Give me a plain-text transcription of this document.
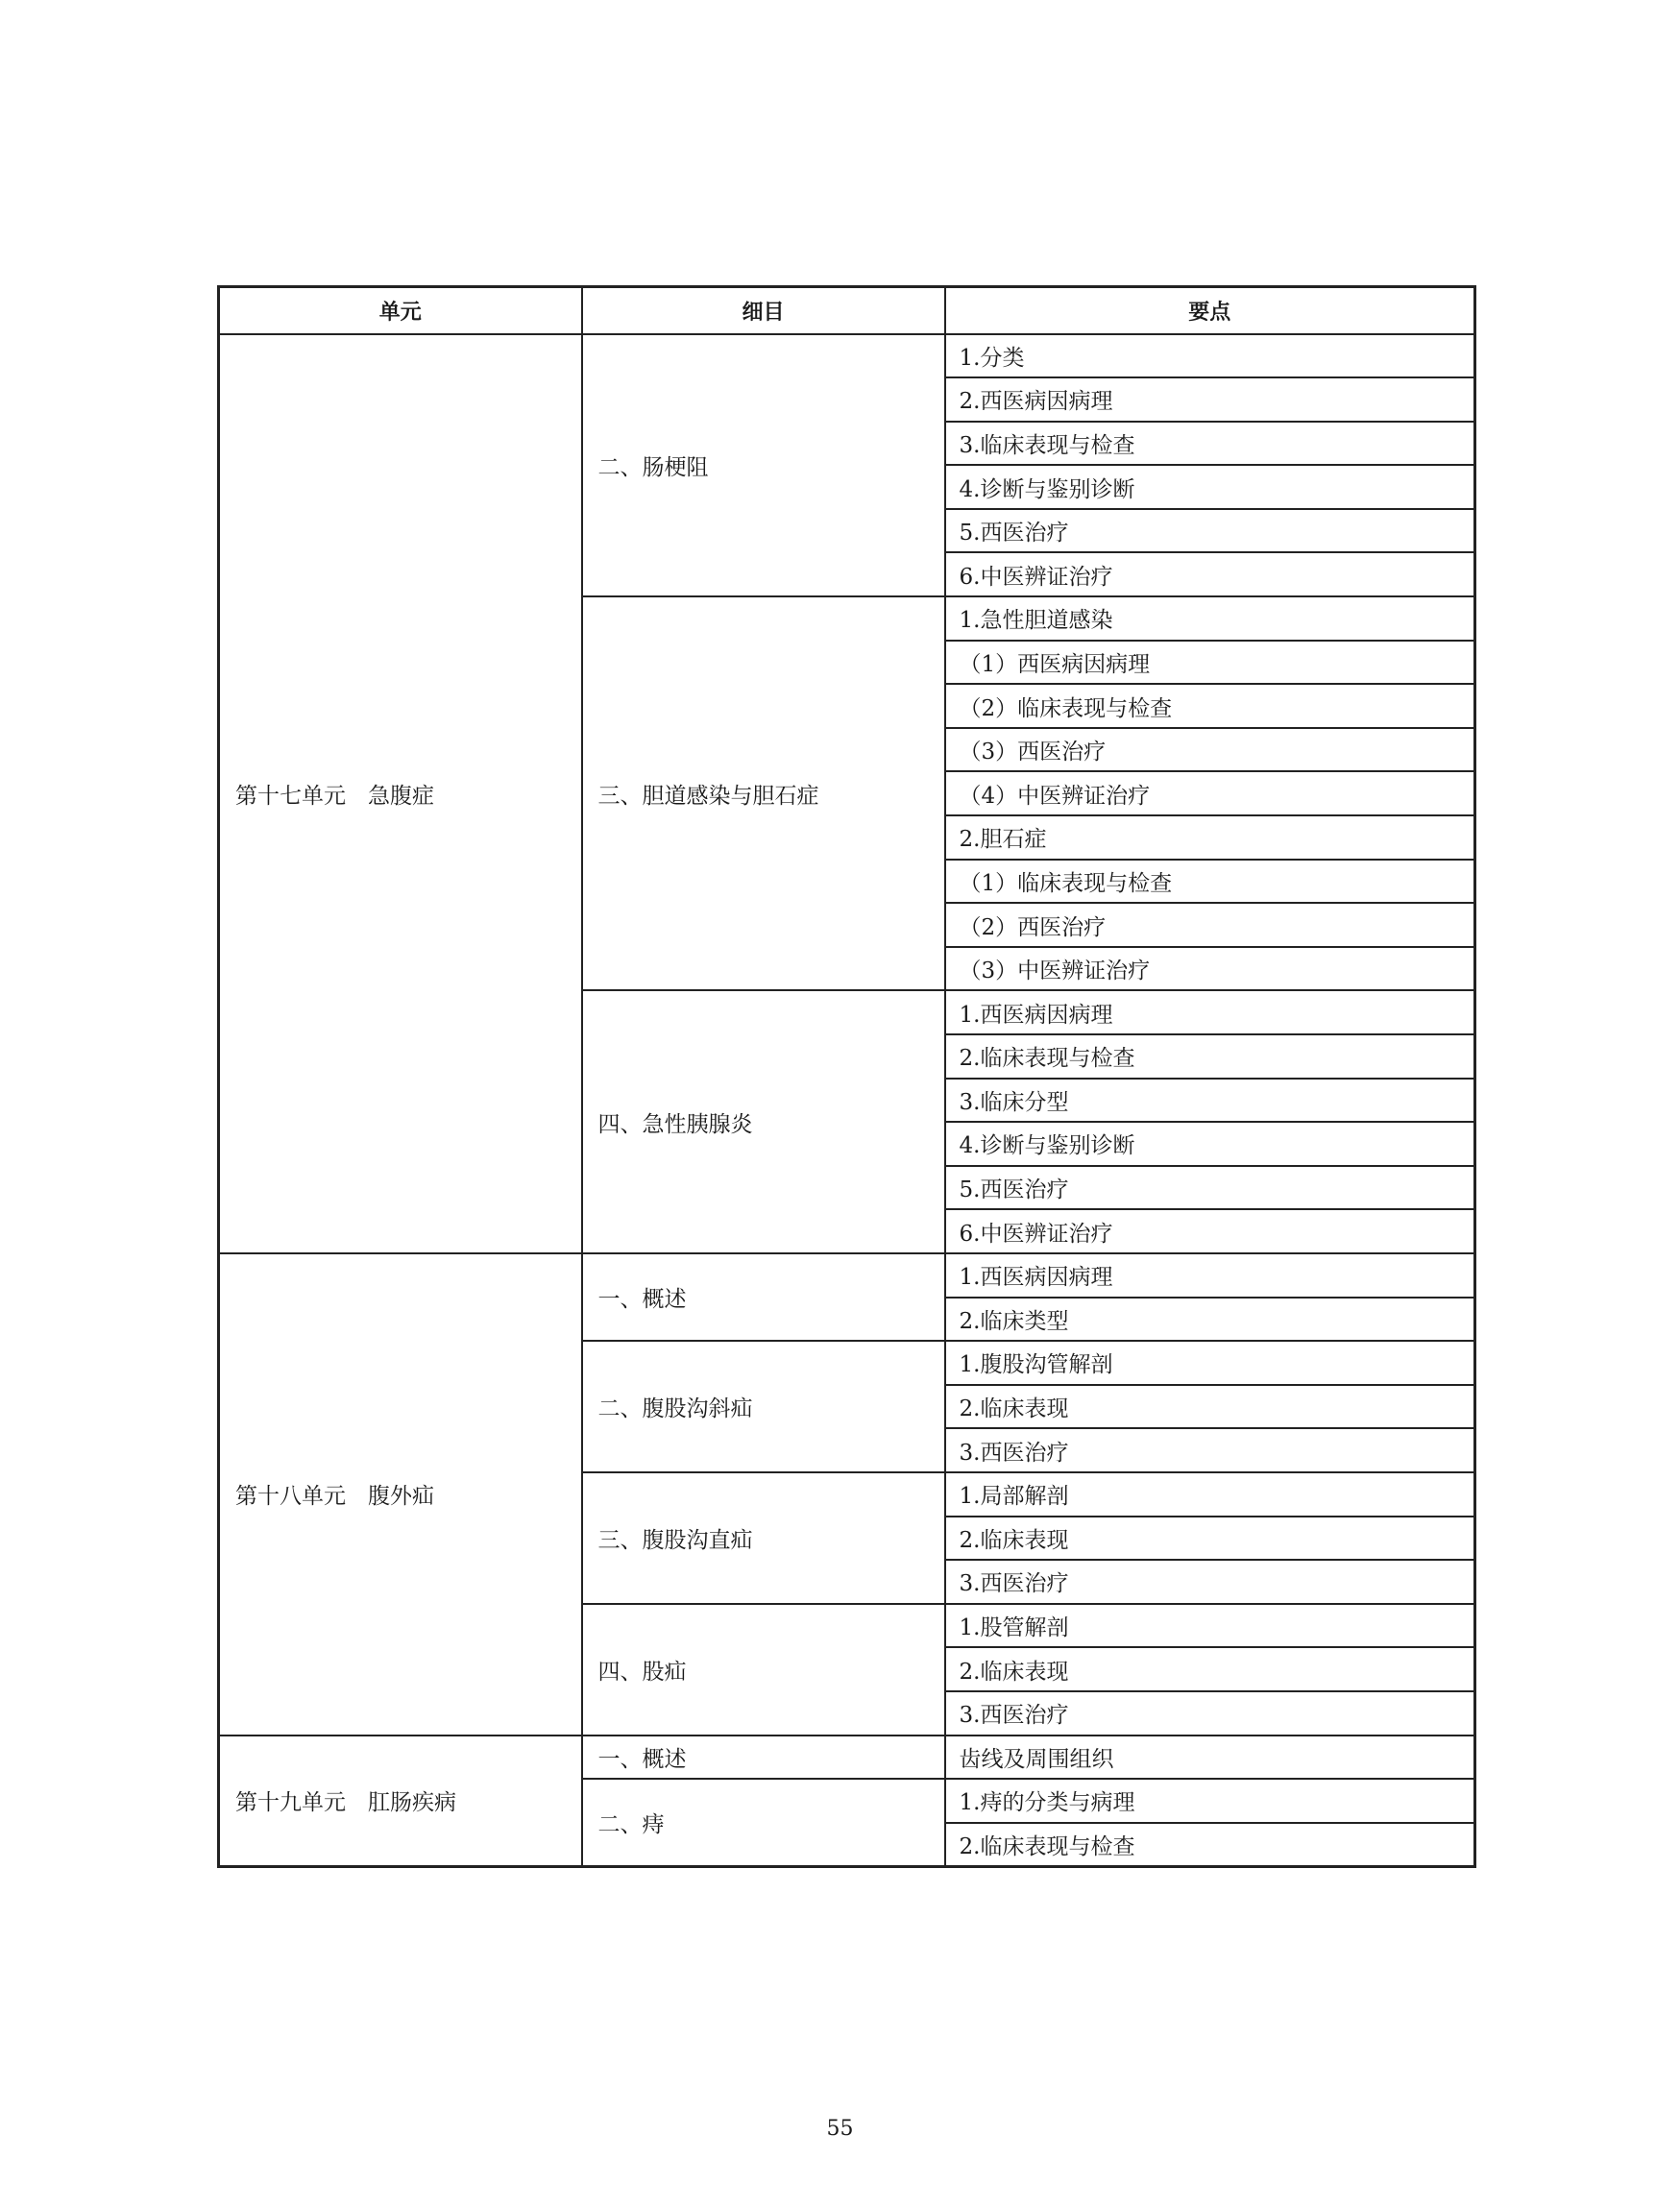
单元	细目	要点
第十七单元　急腹症	二、肠梗阻	1.分类
		2.西医病因病理
		3.临床表现与检查
		4.诊断与鉴别诊断
		5.西医治疗
		6.中医辨证治疗
	三、胆道感染与胆石症	1.急性胆道感染
		（1）西医病因病理
		（2）临床表现与检查
		（3）西医治疗
		（4）中医辨证治疗
		2.胆石症
		（1）临床表现与检查
		（2）西医治疗
		（3）中医辨证治疗
	四、急性胰腺炎	1.西医病因病理
		2.临床表现与检查
		3.临床分型
		4.诊断与鉴别诊断
		5.西医治疗
		6.中医辨证治疗
第十八单元　腹外疝	一、概述	1.西医病因病理
		2.临床类型
	二、腹股沟斜疝	1.腹股沟管解剖
		2.临床表现
		3.西医治疗
	三、腹股沟直疝	1.局部解剖
		2.临床表现
		3.西医治疗
	四、股疝	1.股管解剖
		2.临床表现
		3.西医治疗
第十九单元　肛肠疾病	一、概述	齿线及周围组织
	二、痔	1.痔的分类与病理
		2.临床表现与检查
55
